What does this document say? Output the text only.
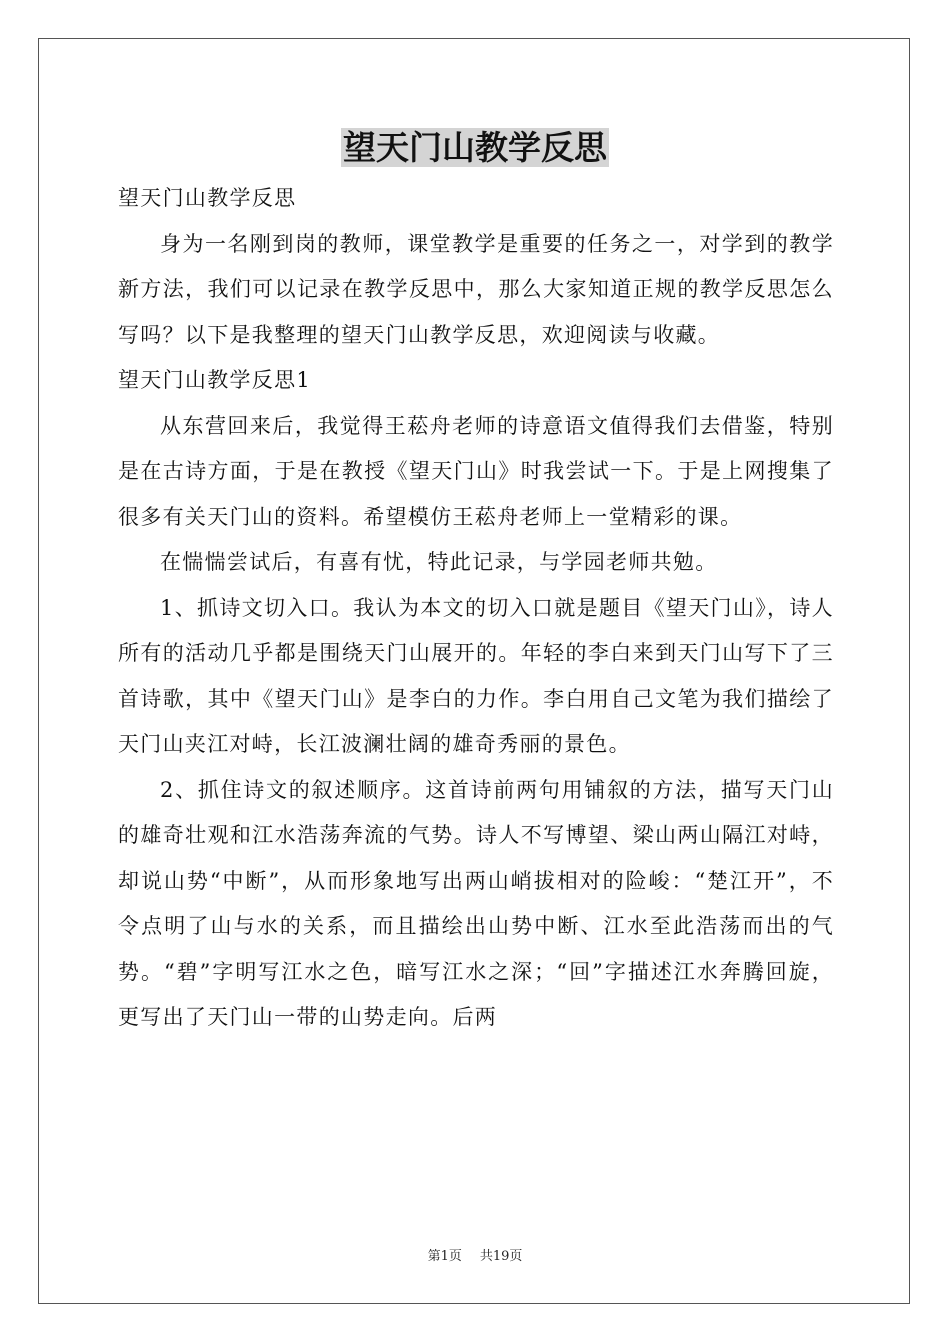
望天门山教学反思

望天门山教学反思

身为一名刚到岗的教师，课堂教学是重要的任务之一，对学到的教学新方法，我们可以记录在教学反思中，那么大家知道正规的教学反思怎么写吗？以下是我整理的望天门山教学反思，欢迎阅读与收藏。

望天门山教学反思1

从东营回来后，我觉得王菘舟老师的诗意语文值得我们去借鉴，特别是在古诗方面，于是在教授《望天门山》时我尝试一下。于是上网搜集了很多有关天门山的资料。希望模仿王菘舟老师上一堂精彩的课。

在惴惴尝试后，有喜有忧，特此记录，与学园老师共勉。

1、抓诗文切入口。我认为本文的切入口就是题目《望天门山》，诗人所有的活动几乎都是围绕天门山展开的。年轻的李白来到天门山写下了三首诗歌，其中《望天门山》是李白的力作。李白用自己文笔为我们描绘了天门山夹江对峙，长江波澜壮阔的雄奇秀丽的景色。

2、抓住诗文的叙述顺序。这首诗前两句用铺叙的方法，描写天门山的雄奇壮观和江水浩荡奔流的气势。诗人不写博望、梁山两山隔江对峙，却说山势“中断”，从而形象地写出两山峭拔相对的险峻：“楚江开”，不令点明了山与水的关系，而且描绘出山势中断、江水至此浩荡而出的气势。“碧”字明写江水之色，暗写江水之深；“回”字描述江水奔腾回旋，更写出了天门山一带的山势走向。后两

第1页 共19页
